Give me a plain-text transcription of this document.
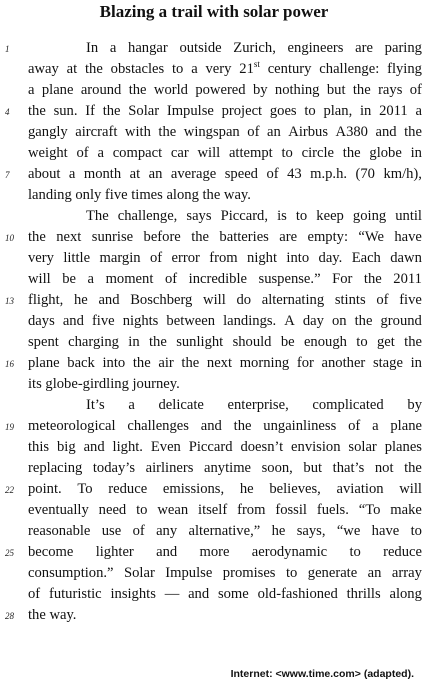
Blazing a trail with solar power
1
4
7
10
13
16
19
22
25
28
In a hangar outside Zurich, engineers are paring
away at the obstacles to a very 21st century challenge: flying
a plane around the world powered by nothing but the rays of
the sun. If the Solar Impulse project goes to plan, in 2011 a
gangly aircraft with the wingspan of an Airbus A380 and the
weight of a compact car will attempt to circle the globe in
about a month at an average speed of 43 m.p.h. (70 km/h),
landing only five times along the way.
The challenge, says Piccard, is to keep going until
the next sunrise before the batteries are empty: “We have
very little margin of error from night into day. Each dawn
will be a moment of incredible suspense.” For the 2011
flight, he and Boschberg will do alternating stints of five
days and five nights between landings. A day on the ground
spent charging in the sunlight should be enough to get the
plane back into the air the next morning for another stage in
its globe-girdling journey.
It’s a delicate enterprise, complicated by
meteorological challenges and the ungainliness of a plane
this big and light. Even Piccard doesn’t envision solar planes
replacing today’s airliners anytime soon, but that’s not the
point. To reduce emissions, he believes, aviation will
eventually need to wean itself from fossil fuels. “To make
reasonable use of any alternative,” he says, “we have to
become lighter and more aerodynamic to reduce
consumption.” Solar Impulse promises to generate an array
of futuristic insights — and some old-fashioned thrills along
the way.
Internet: <www.time.com> (adapted).
